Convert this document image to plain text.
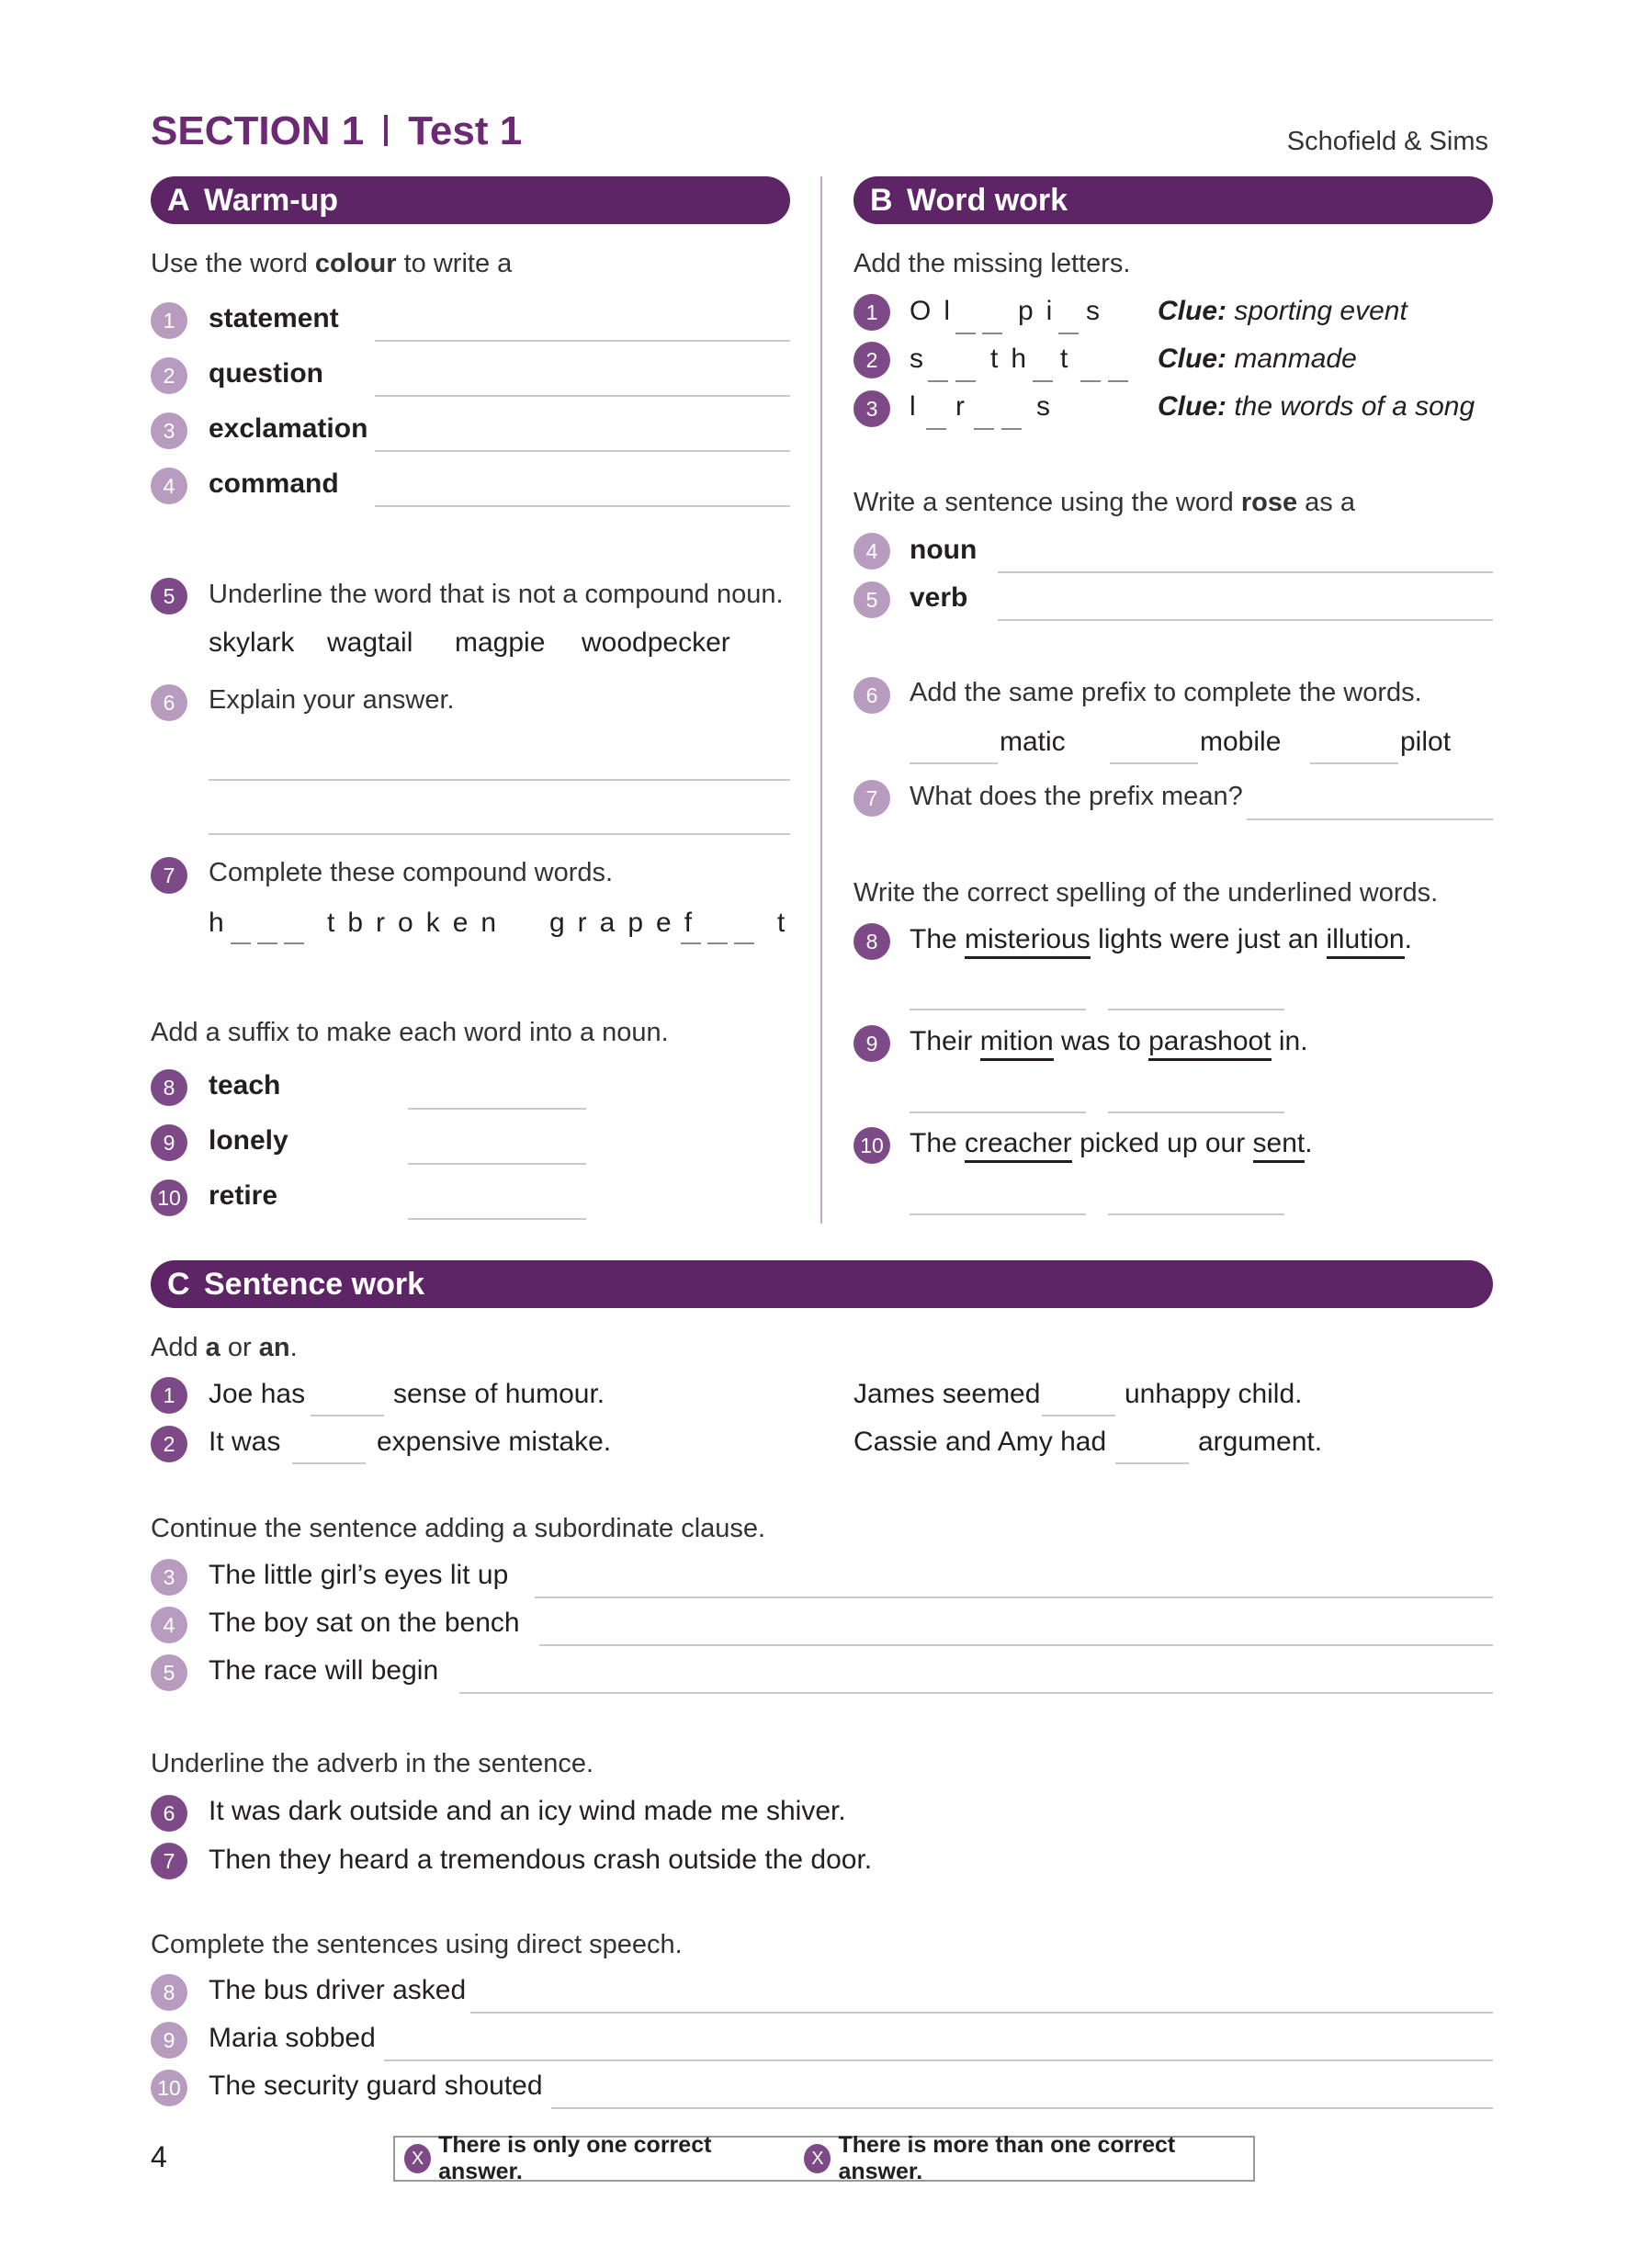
SECTION 1 Test 1	Schofield & Sims
A Warm-up	B Word work
Use the word colour to write a
1	statement
2	question
3	exclamation
4	command
5	Underline the word that is not a compound noun.
skylark wagtail magpie woodpecker
6	Explain your answer.
7	Complete these compound words.
h	tbroken grapef	t
Add a suffix to make each word into a noun.
8	teach
9	lonely
10 retire
Add the missing letters.
1	Ol pi s Clue: sporting event
2	s th t	Clue: manmade
3	l r	s	Clue: the words of a song
Write a sentence using the word rose as a
4	noun
5	verb
6	Add the same prefix to complete the words.
matic	mobile	pilot
7	What does the prefix mean?
Write the correct spelling of the underlined words.
8	The misterious lights were just an illution.
9	Their mition was to parashoot in.
10 The creacher picked up our sent.
C Sentence work
Add a or an.
1	Joe has	sense of humour.	James seemed	unhappy child.
2	It was	expensive mistake.	Cassie and Amy had	argument.
Continue the sentence adding a subordinate clause.
3	The little girl’s eyes lit up
4	The boy sat on the bench
5	The race will begin
Underline the adverb in the sentence.
6	It was dark outside and an icy wind made me shiver.
7	Then they heard a tremendous crash outside the door.
Complete the sentences using direct speech.
8	The bus driver asked
9	Maria sobbed
10 The security guard shouted
4	X
There is only one correct answer.
X
There is more than one correct answer.
